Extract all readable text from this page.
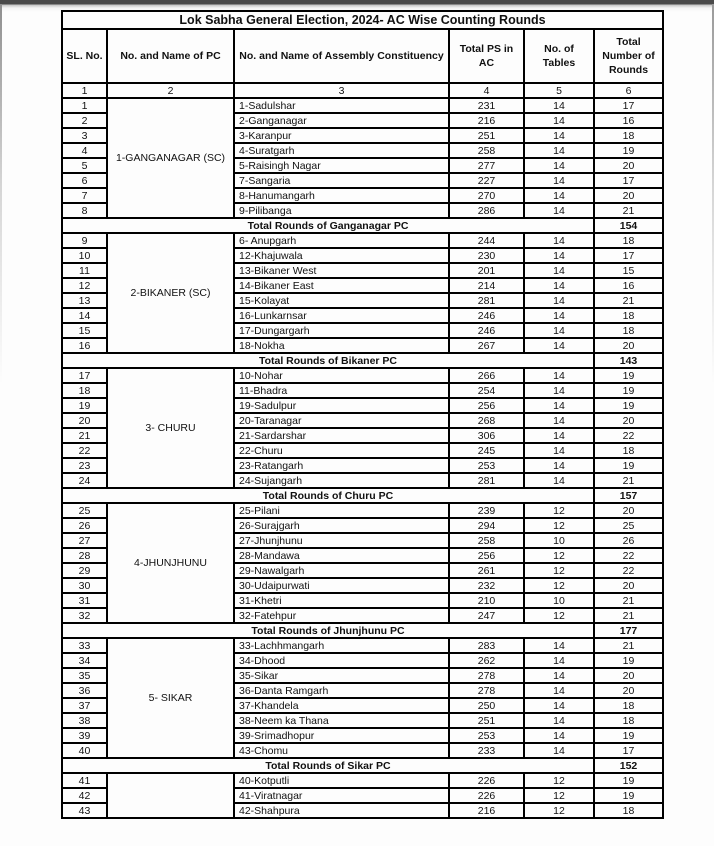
Lok Sabha General Election, 2024- AC Wise Counting Rounds					
SL. No.	No. and Name of PC	No. and Name of Assembly Constituency	Total PS in AC	No. of Tables	Total Number of Rounds
1	2	3	4	5	6
1	1-GANGANAGAR (SC)	1-Sadulshar	231	14	17
2		2-Ganganagar	216	14	16
3		3-Karanpur	251	14	18
4		4-Suratgarh	258	14	19
5		5-Raisingh Nagar	277	14	20
6		7-Sangaria	227	14	17
7		8-Hanumangarh	270	14	20
8		9-Pilibanga	286	14	21
Total Rounds of Ganganagar PC					154
9	2-BIKANER (SC)	6- Anupgarh	244	14	18
10		12-Khajuwala	230	14	17
11		13-Bikaner West	201	14	15
12		14-Bikaner East	214	14	16
13		15-Kolayat	281	14	21
14		16-Lunkarnsar	246	14	18
15		17-Dungargarh	246	14	18
16		18-Nokha	267	14	20
Total Rounds of Bikaner PC					143
17	3- CHURU	10-Nohar	266	14	19
18		11-Bhadra	254	14	19
19		19-Sadulpur	256	14	19
20		20-Taranagar	268	14	20
21		21-Sardarshar	306	14	22
22		22-Churu	245	14	18
23		23-Ratangarh	253	14	19
24		24-Sujangarh	281	14	21
Total Rounds of Churu PC					157
25	4-JHUNJHUNU	25-Pilani	239	12	20
26		26-Surajgarh	294	12	25
27		27-Jhunjhunu	258	10	26
28		28-Mandawa	256	12	22
29		29-Nawalgarh	261	12	22
30		30-Udaipurwati	232	12	20
31		31-Khetri	210	10	21
32		32-Fatehpur	247	12	21
Total Rounds of Jhunjhunu PC					177
33	5- SIKAR	33-Lachhmangarh	283	14	21
34		34-Dhood	262	14	19
35		35-Sikar	278	14	20
36		36-Danta Ramgarh	278	14	20
37		37-Khandela	250	14	18
38		38-Neem ka Thana	251	14	18
39		39-Srimadhopur	253	14	19
40		43-Chomu	233	14	17
Total Rounds of Sikar PC					152
41		40-Kotputli	226	12	19
42		41-Viratnagar	226	12	19
43		42-Shahpura	216	12	18
